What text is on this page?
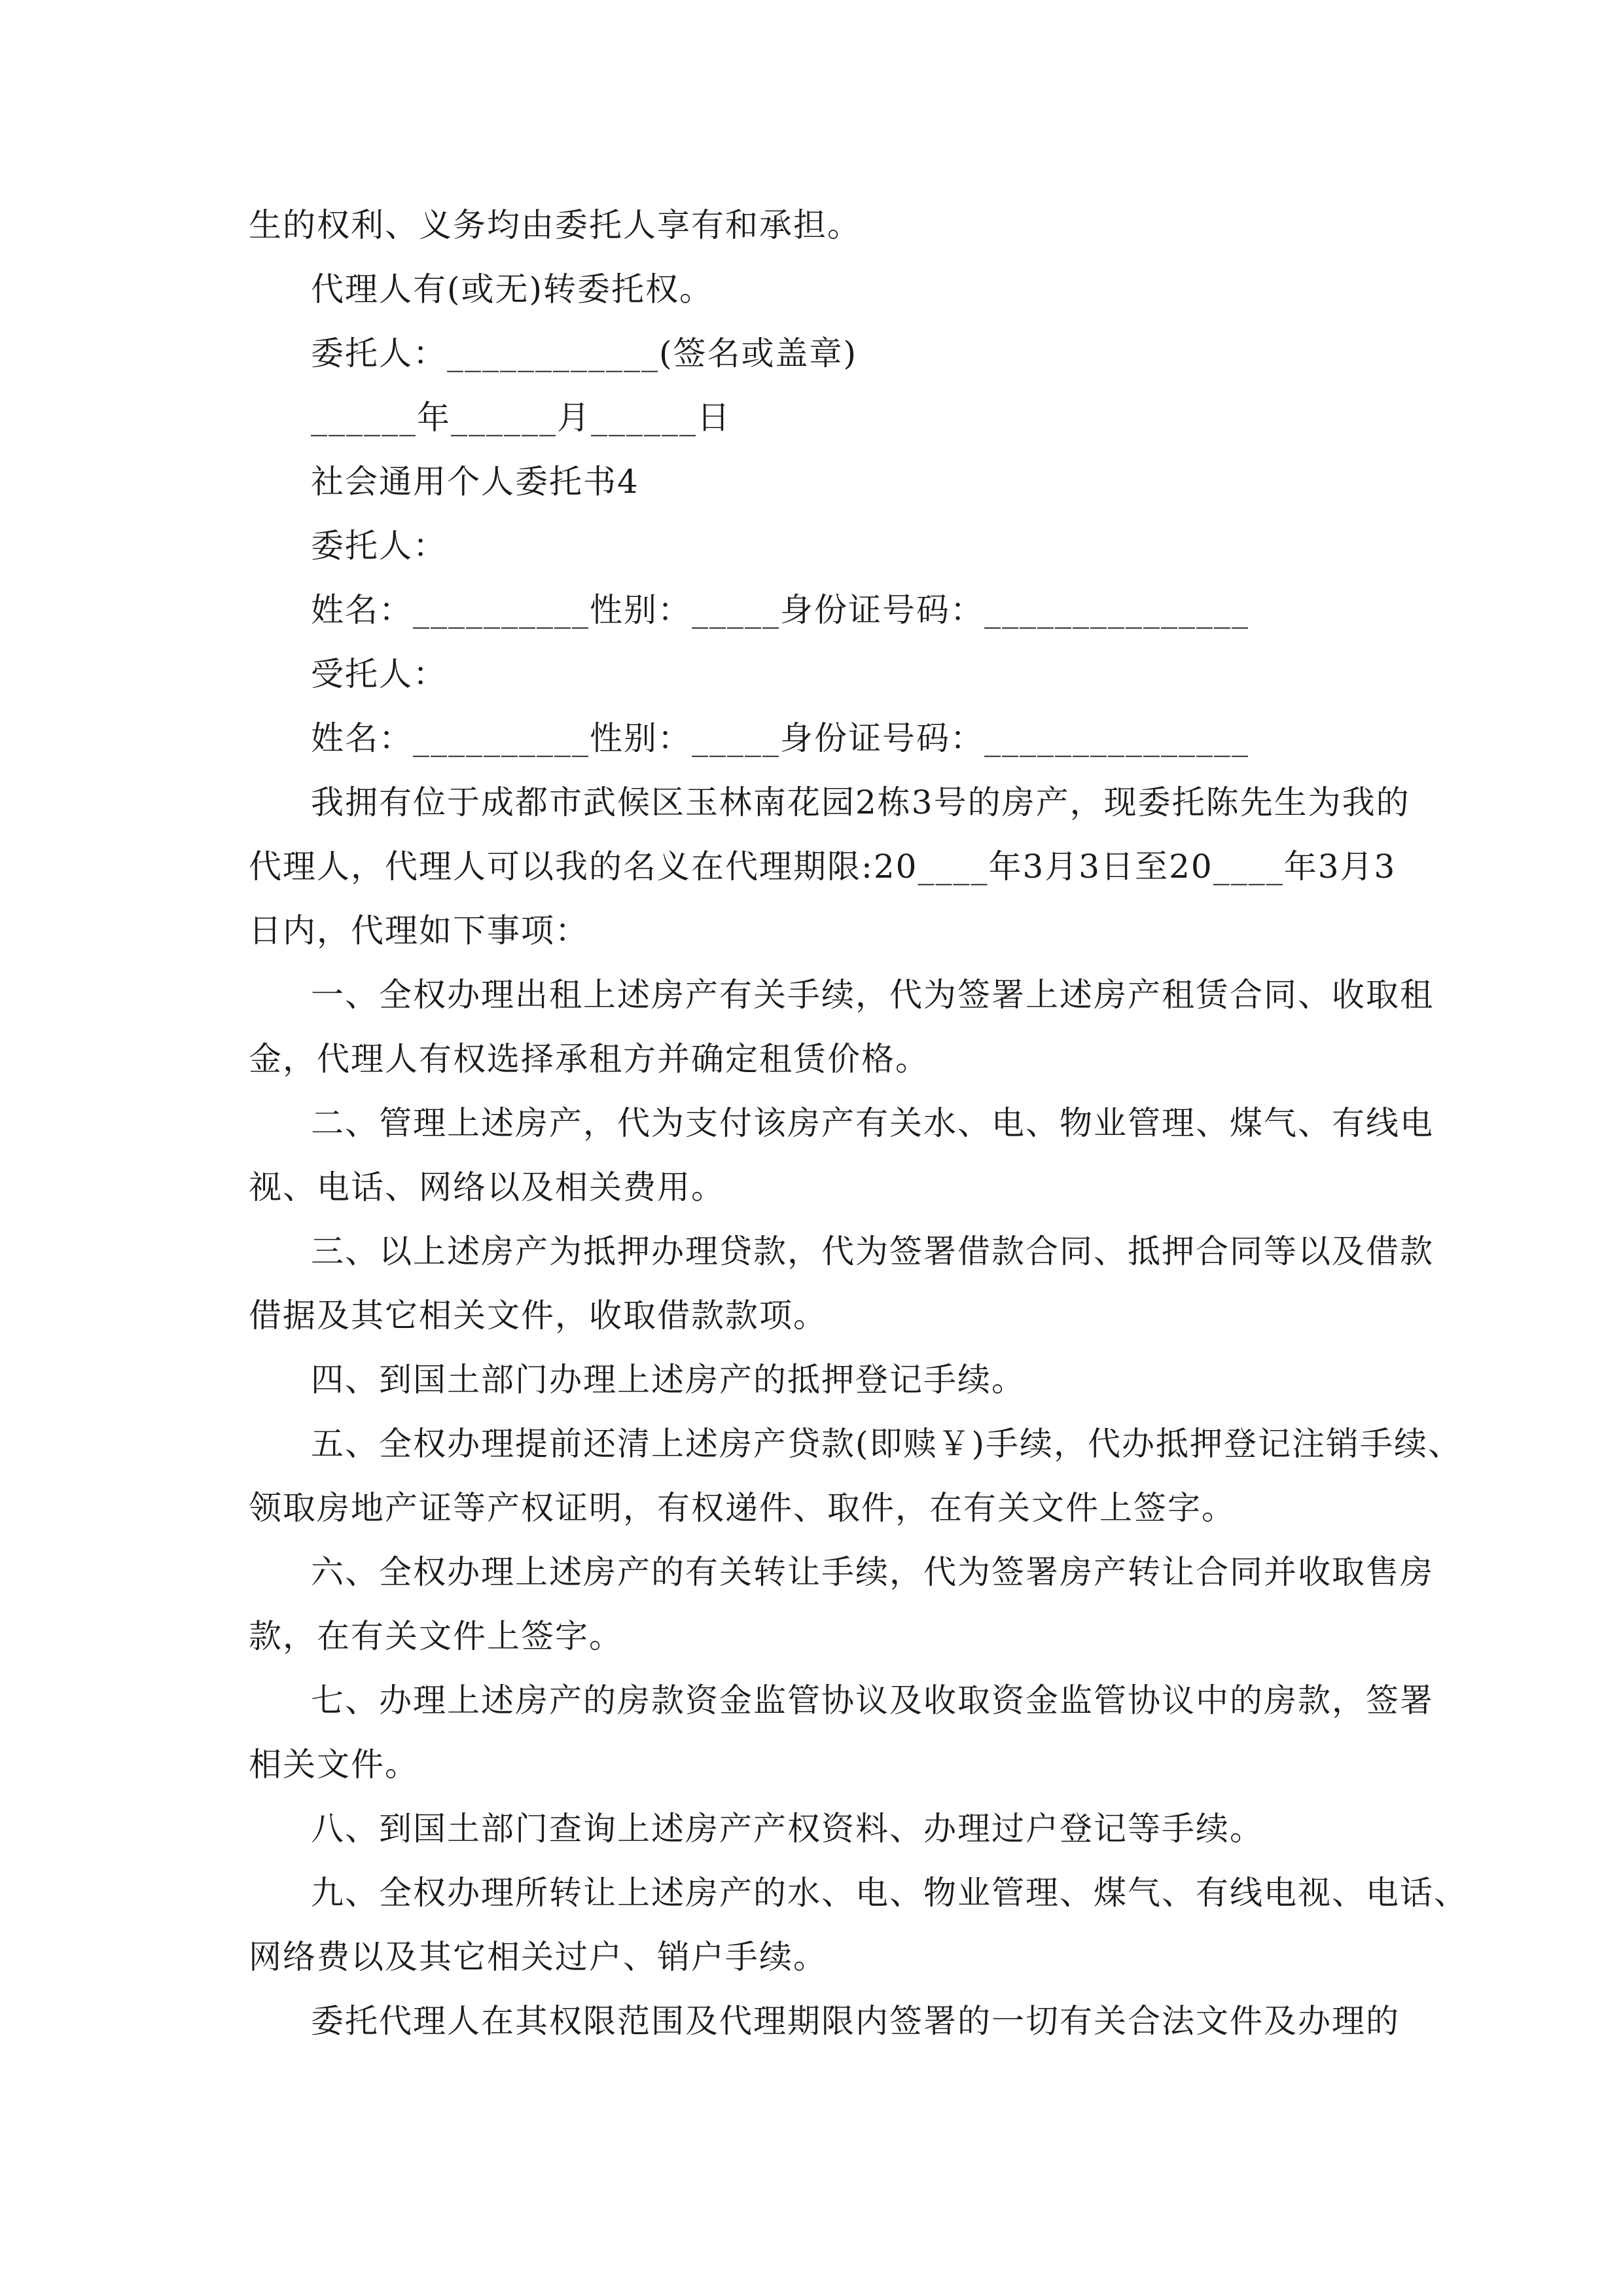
生的权利、义务均由委托人享有和承担。
代理人有(或无)转委托权。
委托人：____________(签名或盖章)
______年______月______日
社会通用个人委托书4
委托人：
姓名：__________性别：_____身份证号码：_______________
受托人：
姓名：__________性别：_____身份证号码：_______________
我拥有位于成都市武候区玉林南花园2栋3号的房产，现委托陈先生为我的
代理人，代理人可以我的名义在代理期限:20____年3月3日至20____年3月3
日内，代理如下事项：
一、全权办理出租上述房产有关手续，代为签署上述房产租赁合同、收取租
金，代理人有权选择承租方并确定租赁价格。
二、管理上述房产，代为支付该房产有关水、电、物业管理、煤气、有线电
视、电话、网络以及相关费用。
三、以上述房产为抵押办理贷款，代为签署借款合同、抵押合同等以及借款
借据及其它相关文件，收取借款款项。
四、到国土部门办理上述房产的抵押登记手续。
五、全权办理提前还清上述房产贷款(即赎￥)手续，代办抵押登记注销手续、
领取房地产证等产权证明，有权递件、取件，在有关文件上签字。
六、全权办理上述房产的有关转让手续，代为签署房产转让合同并收取售房
款，在有关文件上签字。
七、办理上述房产的房款资金监管协议及收取资金监管协议中的房款，签署
相关文件。
八、到国土部门查询上述房产产权资料、办理过户登记等手续。
九、全权办理所转让上述房产的水、电、物业管理、煤气、有线电视、电话、
网络费以及其它相关过户、销户手续。
委托代理人在其权限范围及代理期限内签署的一切有关合法文件及办理的
